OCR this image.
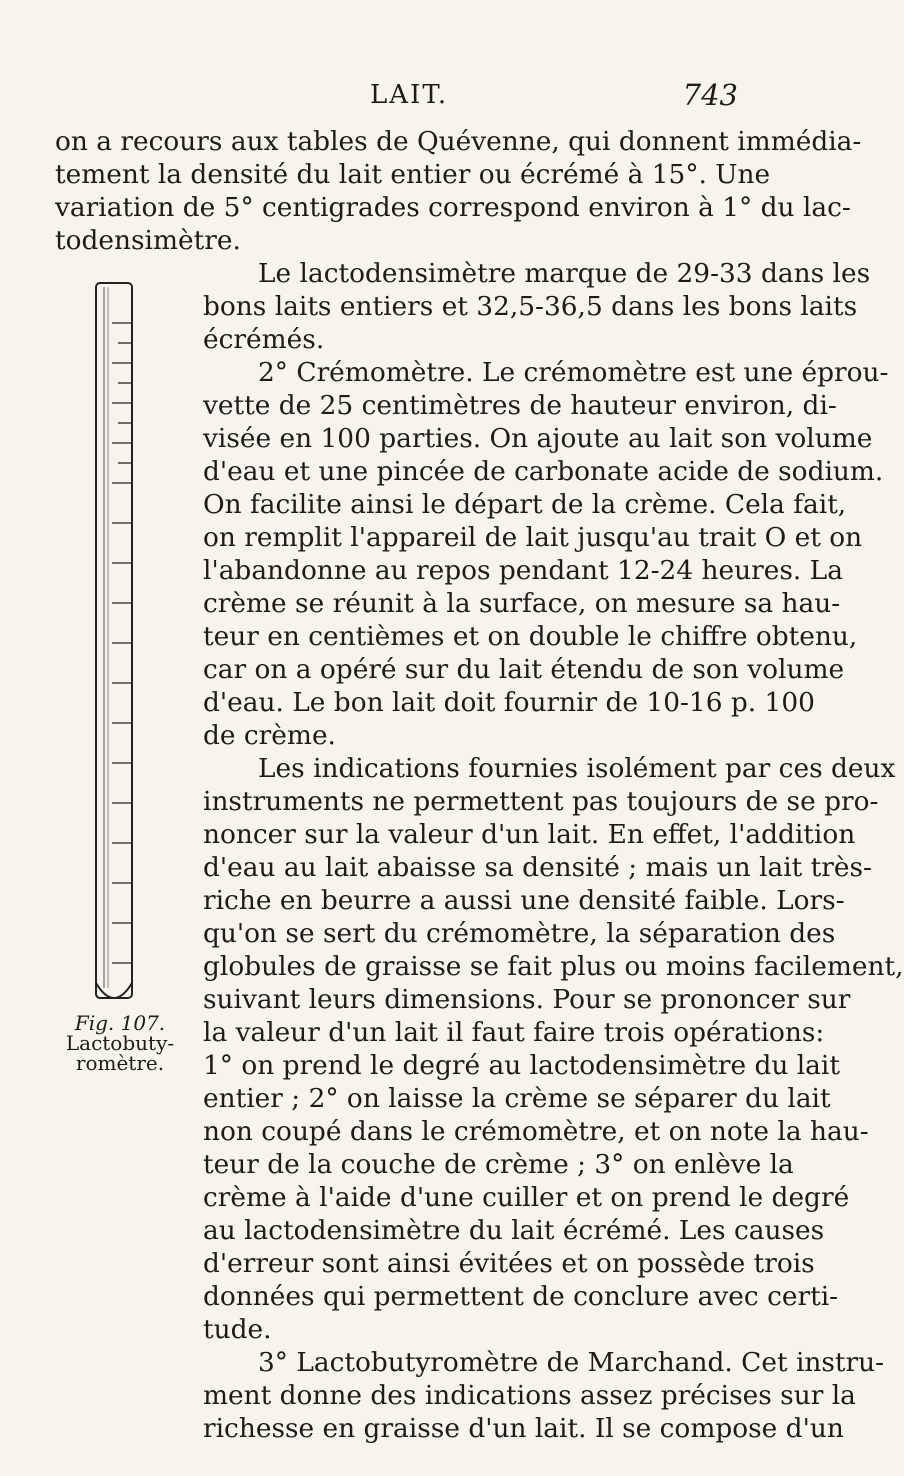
LAIT.	743
on a recours aux tables de Quévenne, qui donnent immédia-
tement la densité du lait entier ou écrémé à 15°. Une
variation de 5° centigrades correspond environ à 1° du lac-
todensimètre.
Le lactodensimètre marque de 29-33 dans les
bons laits entiers et 32,5-36,5 dans les bons laits
écrémés.
2° Crémomètre. Le crémomètre est une éprou-
vette de 25 centimètres de hauteur environ, di-
visée en 100 parties. On ajoute au lait son volume
d'eau et une pincée de carbonate acide de sodium.
On facilite ainsi le départ de la crème. Cela fait,
on remplit l'appareil de lait jusqu'au trait O et on
l'abandonne au repos pendant 12-24 heures. La
crème se réunit à la surface, on mesure sa hau-
teur en centièmes et on double le chiffre obtenu,
car on a opéré sur du lait étendu de son volume
d'eau. Le bon lait doit fournir de 10-16 p. 100
de crème.
Les indications fournies isolément par ces deux
instruments ne permettent pas toujours de se pro-
noncer sur la valeur d'un lait. En effet, l'addition
d'eau au lait abaisse sa densité ; mais un lait très-
riche en beurre a aussi une densité faible. Lors-
qu'on se sert du crémomètre, la séparation des
globules de graisse se fait plus ou moins facilement,
suivant leurs dimensions. Pour se prononcer sur
la valeur d'un lait il faut faire trois opérations:
1° on prend le degré au lactodensimètre du lait
entier ; 2° on laisse la crème se séparer du lait
non coupé dans le crémomètre, et on note la hau-
teur de la couche de crème ; 3° on enlève la
crème à l'aide d'une cuiller et on prend le degré
au lactodensimètre du lait écrémé. Les causes
d'erreur sont ainsi évitées et on possède trois
données qui permettent de conclure avec certi-
tude.
3° Lactobutyromètre de Marchand. Cet instru-
ment donne des indications assez précises sur la
richesse en graisse d'un lait. Il se compose d'un
Fig. 107.
Lactobuty-
romètre.
